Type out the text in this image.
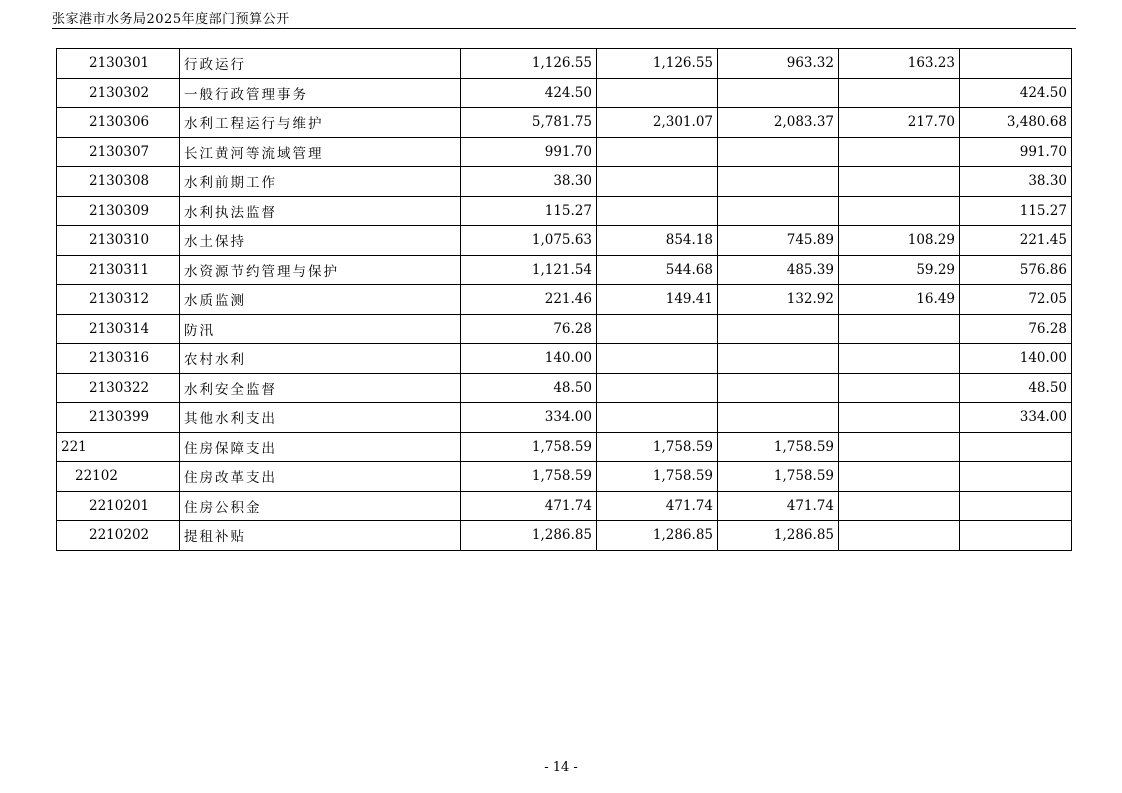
张家港市水务局2025年度部门预算公开
2130301	行政运行	1,126.55	1,126.55	963.32	163.23	
2130302	一般行政管理事务	424.50				424.50
2130306	水利工程运行与维护	5,781.75	2,301.07	2,083.37	217.70	3,480.68
2130307	长江黄河等流域管理	991.70				991.70
2130308	水利前期工作	38.30				38.30
2130309	水利执法监督	115.27				115.27
2130310	水土保持	1,075.63	854.18	745.89	108.29	221.45
2130311	水资源节约管理与保护	1,121.54	544.68	485.39	59.29	576.86
2130312	水质监测	221.46	149.41	132.92	16.49	72.05
2130314	防汛	76.28				76.28
2130316	农村水利	140.00				140.00
2130322	水利安全监督	48.50				48.50
2130399	其他水利支出	334.00				334.00
221	住房保障支出	1,758.59	1,758.59	1,758.59		
22102	住房改革支出	1,758.59	1,758.59	1,758.59		
2210201	住房公积金	471.74	471.74	471.74		
2210202	提租补贴	1,286.85	1,286.85	1,286.85		
- 14 -
